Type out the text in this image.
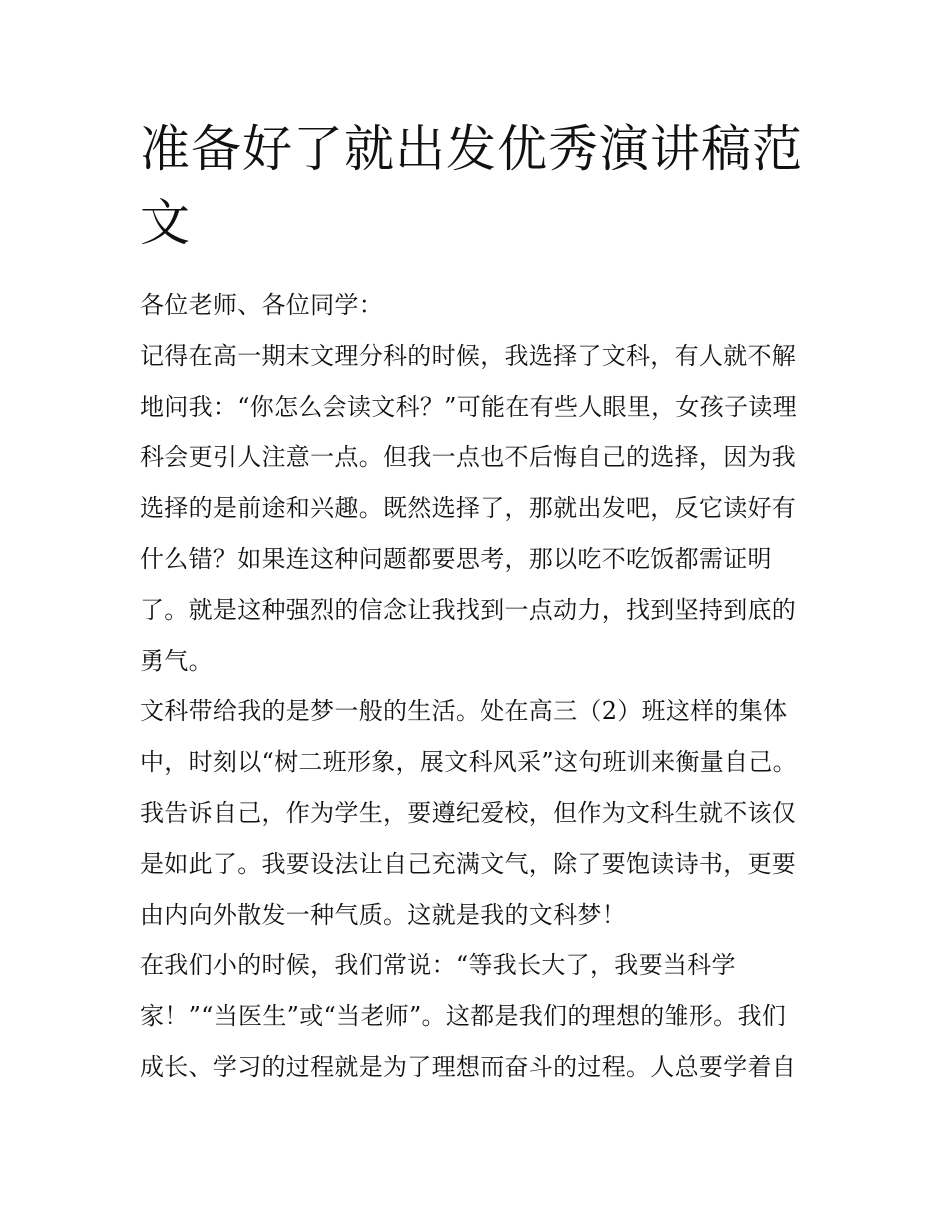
准备好了就出发优秀演讲稿范
文
各位老师、各位同学：
记得在高一期末文理分科的时候，我选择了文科，有人就不解
地问我：“你怎么会读文科？”可能在有些人眼里，女孩子读理
科会更引人注意一点。但我一点也不后悔自己的选择，因为我
选择的是前途和兴趣。既然选择了，那就出发吧，反它读好有
什么错？如果连这种问题都要思考，那以吃不吃饭都需证明
了。就是这种强烈的信念让我找到一点动力，找到坚持到底的
勇气。
文科带给我的是梦一般的生活。处在高三（2）班这样的集体
中，时刻以“树二班形象，展文科风采”这句班训来衡量自己。
我告诉自己，作为学生，要遵纪爱校，但作为文科生就不该仅
是如此了。我要设法让自己充满文气，除了要饱读诗书，更要
由内向外散发一种气质。这就是我的文科梦！
在我们小的时候，我们常说：“等我长大了，我要当科学
家！”“当医生”或“当老师”。这都是我们的理想的雏形。我们
成长、学习的过程就是为了理想而奋斗的过程。人总要学着自
